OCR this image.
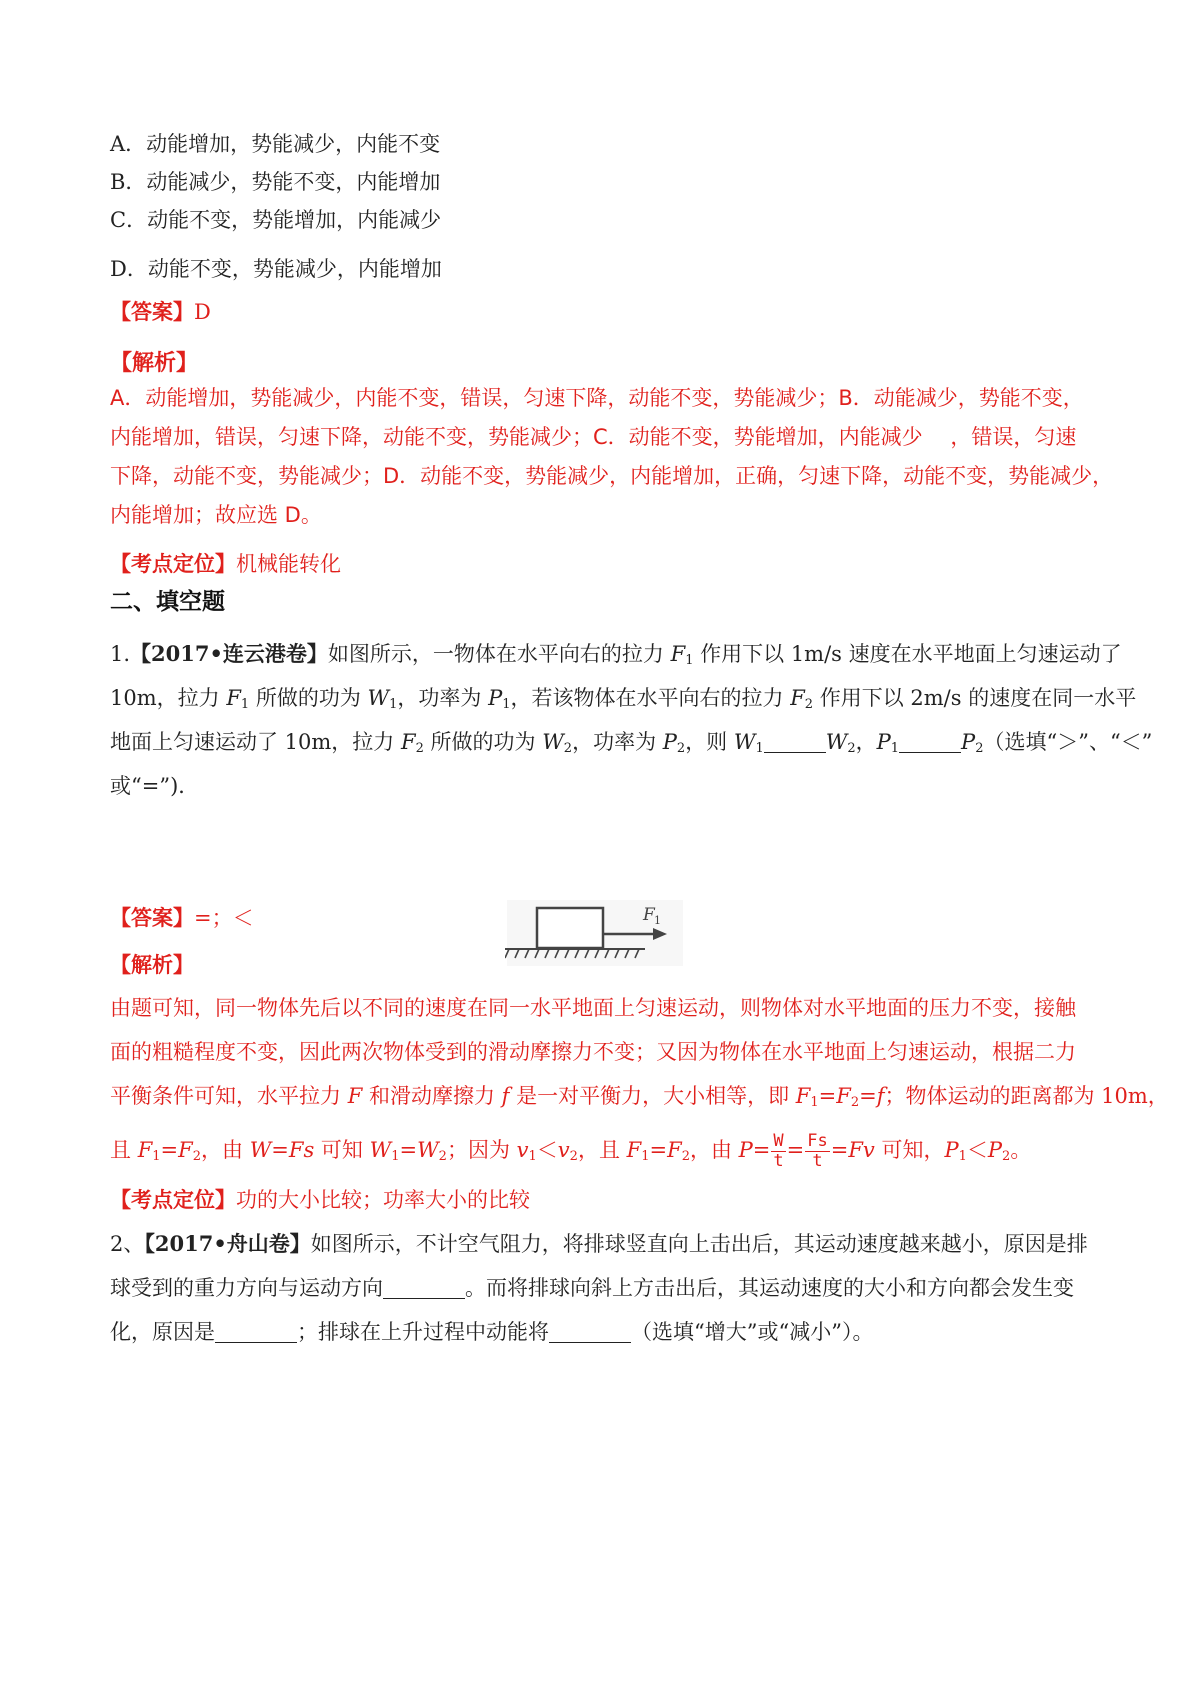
A．动能增加，势能减少，内能不变
B．动能减少，势能不变，内能增加
C．动能不变，势能增加，内能减少
D．动能不变，势能减少，内能增加
【答案】D
【解析】
A．动能增加，势能减少，内能不变，错误，匀速下降，动能不变，势能减少；B．动能减少，势能不变，
内能增加，错误，匀速下降，动能不变，势能减少；C．动能不变，势能增加，内能减少　 ，错误，匀速
下降，动能不变，势能减少；D．动能不变，势能减少，内能增加，正确，匀速下降，动能不变，势能减少，
内能增加；故应选 D。
【考点定位】机械能转化
二、填空题
1.【2017•连云港卷】如图所示，一物体在水平向右的拉力 $F_1$ 作用下以 1m/s 速度在水平地面上匀速运动了
10m，拉力 $F_1$ 所做的功为 $W_1$，功率为 $P_1$，若该物体在水平向右的拉力 $F_2$ 作用下以 2m/s 的速度在同一水平
地面上匀速运动了 10m，拉力 $F_2$ 所做的功为 $W_2$，功率为 $P_2$，则 $W_1$	$W_2$，$P_1$	$P_2$（选填“＞”、“＜”
或“=”)．
F 1
【答案】=；＜
【解析】
由题可知，同一物体先后以不同的速度在同一水平地面上匀速运动，则物体对水平地面的压力不变，接触
面的粗糙程度不变，因此两次物体受到的滑动摩擦力不变；又因为物体在水平地面上匀速运动，根据二力
平衡条件可知，水平拉力 F 和滑动摩擦力 f 是一对平衡力，大小相等，即 $F_1=F_2=f$；物体运动的距离都为 10m，
且 $F_1=F_2$，由 W=Fs 可知 $W_1=W_2$；因为 $v_1<v_2$，且 $F_1=F_2$，由 $P= \frac{W}{t} = \frac{Fs}{t} =Fv$ 可知，$P_1<P_2$。
【考点定位】功的大小比较；功率大小的比较
2、【2017•舟山卷】如图所示，不计空气阻力，将排球竖直向上击出后，其运动速度越来越小，原因是排
球受到的重力方向与运动方向	。而将排球向斜上方击出后，其运动速度的大小和方向都会发生变
化，原因是	；排球在上升过程中动能将	（选填“增大”或“减小”）。
